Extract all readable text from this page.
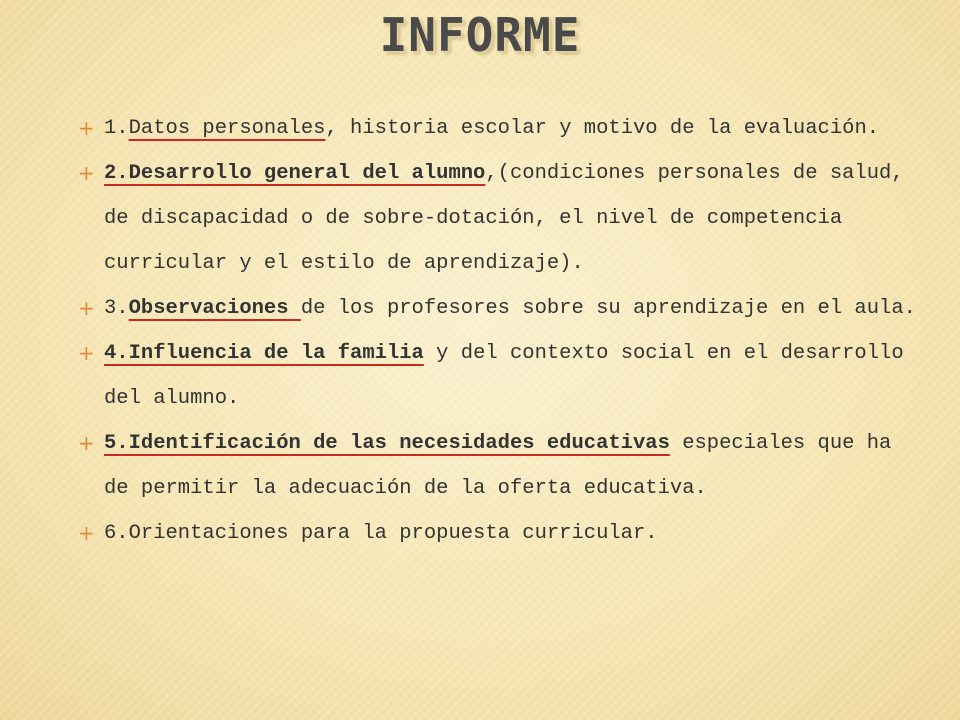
INFORME
+ 1.Datos personales, historia escolar y motivo de la evaluación.
+ 2.Desarrollo general del alumno,(condiciones personales de salud, de discapacidad o de sobre-dotación, el nivel de competencia curricular y el estilo de aprendizaje).
+ 3.Observaciones de los profesores sobre su aprendizaje en el aula.
+ 4.Influencia de la familia y del contexto social en el desarrollo del alumno.
+ 5.Identificación de las necesidades educativas especiales que ha de permitir la adecuación de la oferta educativa.
+ 6.Orientaciones para la propuesta curricular.
